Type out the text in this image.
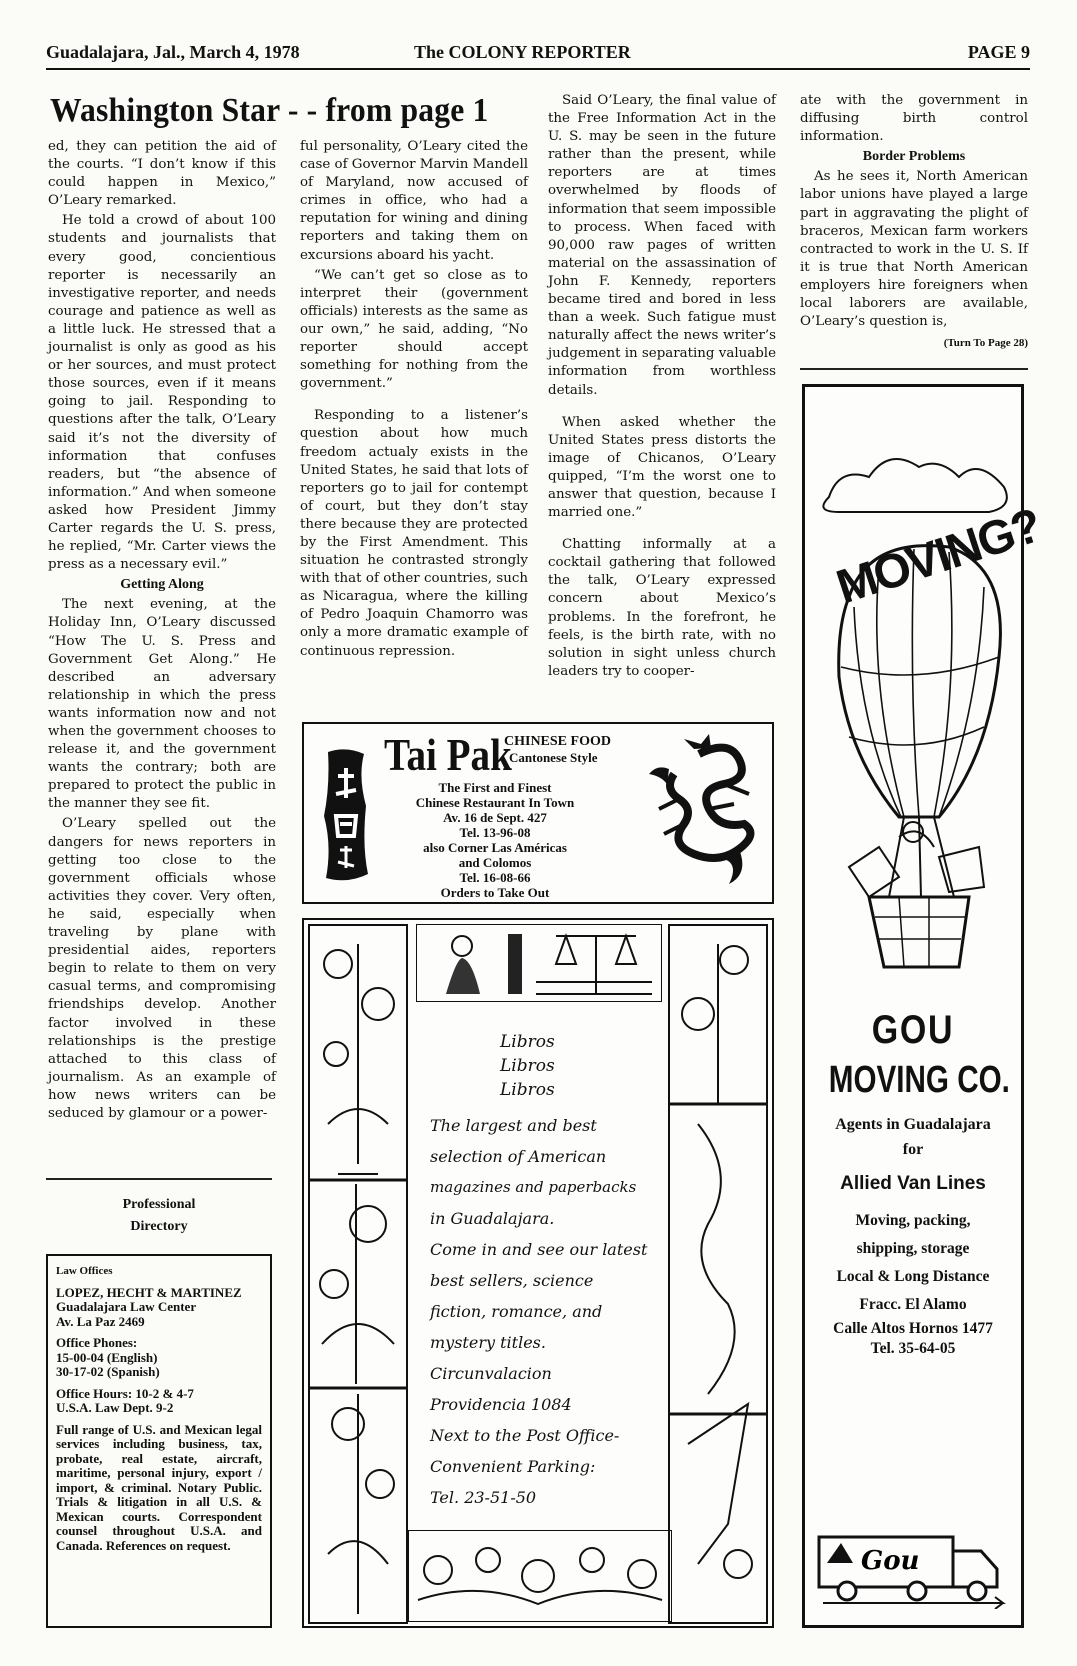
Guadalajara, Jal., March 4, 1978	The COLONY REPORTER	PAGE 9
Washington Star - - from page 1

ed, they can petition the aid of the courts. “I don’t know if this could happen in Mexico,” O’Leary remarked.

He told a crowd of about 100 students and journalists that every good, concientious reporter is necessarily an investigative reporter, and needs courage and patience as well as a little luck. He stressed that a journalist is only as good as his or her sources, and must protect those sources, even if it means going to jail. Responding to questions after the talk, O’Leary said it’s not the diversity of information that confuses readers, but “the absence of information.” And when someone asked how President Jimmy Carter regards the U. S. press, he replied, “Mr. Carter views the press as a necessary evil.”

Getting Along

The next evening, at the Holiday Inn, O’Leary discussed “How The U. S. Press and Government Get Along.” He described an adversary relationship in which the press wants information now and not when the government chooses to release it, and the government wants the contrary; both are prepared to protect the public in the manner they see fit.

O’Leary spelled out the dangers for news reporters in getting too close to the government officials whose activities they cover. Very often, he said, especially when traveling by plane with presidential aides, reporters begin to relate to them on very casual terms, and compromising friendships develop. Another factor involved in these relationships is the prestige attached to this class of journalism. As an example of how news writers can be seduced by glamour or a power-

ful personality, O’Leary cited the case of Governor Marvin Mandell of Maryland, now accused of crimes in office, who had a reputation for wining and dining reporters and taking them on excursions aboard his yacht.

“We can’t get so close as to interpret their (government officials) interests as the same as our own,” he said, adding, “No reporter should accept something for nothing from the government.”

Responding to a listener’s question about how much freedom actualy exists in the United States, he said that lots of reporters go to jail for contempt of court, but they don’t stay there because they are protected by the First Amendment. This situation he contrasted strongly with that of other countries, such as Nicaragua, where the killing of Pedro Joaquin Chamorro was only a more dramatic example of continuous repression.

Said O’Leary, the final value of the Free Information Act in the U. S. may be seen in the future rather than the present, while reporters are at times overwhelmed by floods of information that seem impossible to process. When faced with 90,000 raw pages of written material on the assassination of John F. Kennedy, reporters became tired and bored in less than a week. Such fatigue must naturally affect the news writer’s judgement in separating valuable information from worthless details.

When asked whether the United States press distorts the image of Chicanos, O’Leary quipped, “I’m the worst one to answer that question, because I married one.”

Chatting informally at a cocktail gathering that followed the talk, O’Leary expressed concern about Mexico’s problems. In the forefront, he feels, is the birth rate, with no solution in sight unless church leaders try to cooper-

ate with the government in diffusing birth control information.

Border Problems

As he sees it, North American labor unions have played a large part in aggravating the plight of braceros, Mexican farm workers contracted to work in the U. S. If it is true that North American employers hire foreigners when local laborers are available, O’Leary’s question is,

(Turn To Page 28)
Professional
Directory
Law Offices
LOPEZ, HECHT & MARTINEZ
Guadalajara Law Center
Av. La Paz 2469
Office Phones:
15-00-04 (English)
30-17-02 (Spanish)
Office Hours: 10-2 & 4-7
U.S.A. Law Dept. 9-2
Full range of U.S. and Mexican legal services including business, tax, probate, real estate, aircraft, maritime, personal injury, export / import, & criminal. Notary Public. Trials & litigation in all U.S. & Mexican courts. Correspondent counsel throughout U.S.A. and Canada. References on request.
Tai Pak
CHINESE FOOD
Cantonese Style
The First and Finest
Chinese Restaurant In Town
Av. 16 de Sept. 427
Tel. 13-96-08
also Corner Las Américas
and Colomos
Tel. 16-08-66
Orders to Take Out
Libros
Libros
Libros
The largest and best
selection of American
magazines and paperbacks
in Guadalajara.
Come in and see our latest
best sellers, science
fiction, romance, and
mystery titles.
Circunvalacion
Providencia 1084
Next to the Post Office-
Convenient Parking:
Tel. 23-51-50
MOVING?
GOU
MOVING CO.
Agents in Guadalajara
for
Allied Van Lines
Moving, packing,
shipping, storage
Local & Long Distance
Fracc. El Alamo
Calle Altos Hornos 1477
Tel. 35-64-05
Gou
